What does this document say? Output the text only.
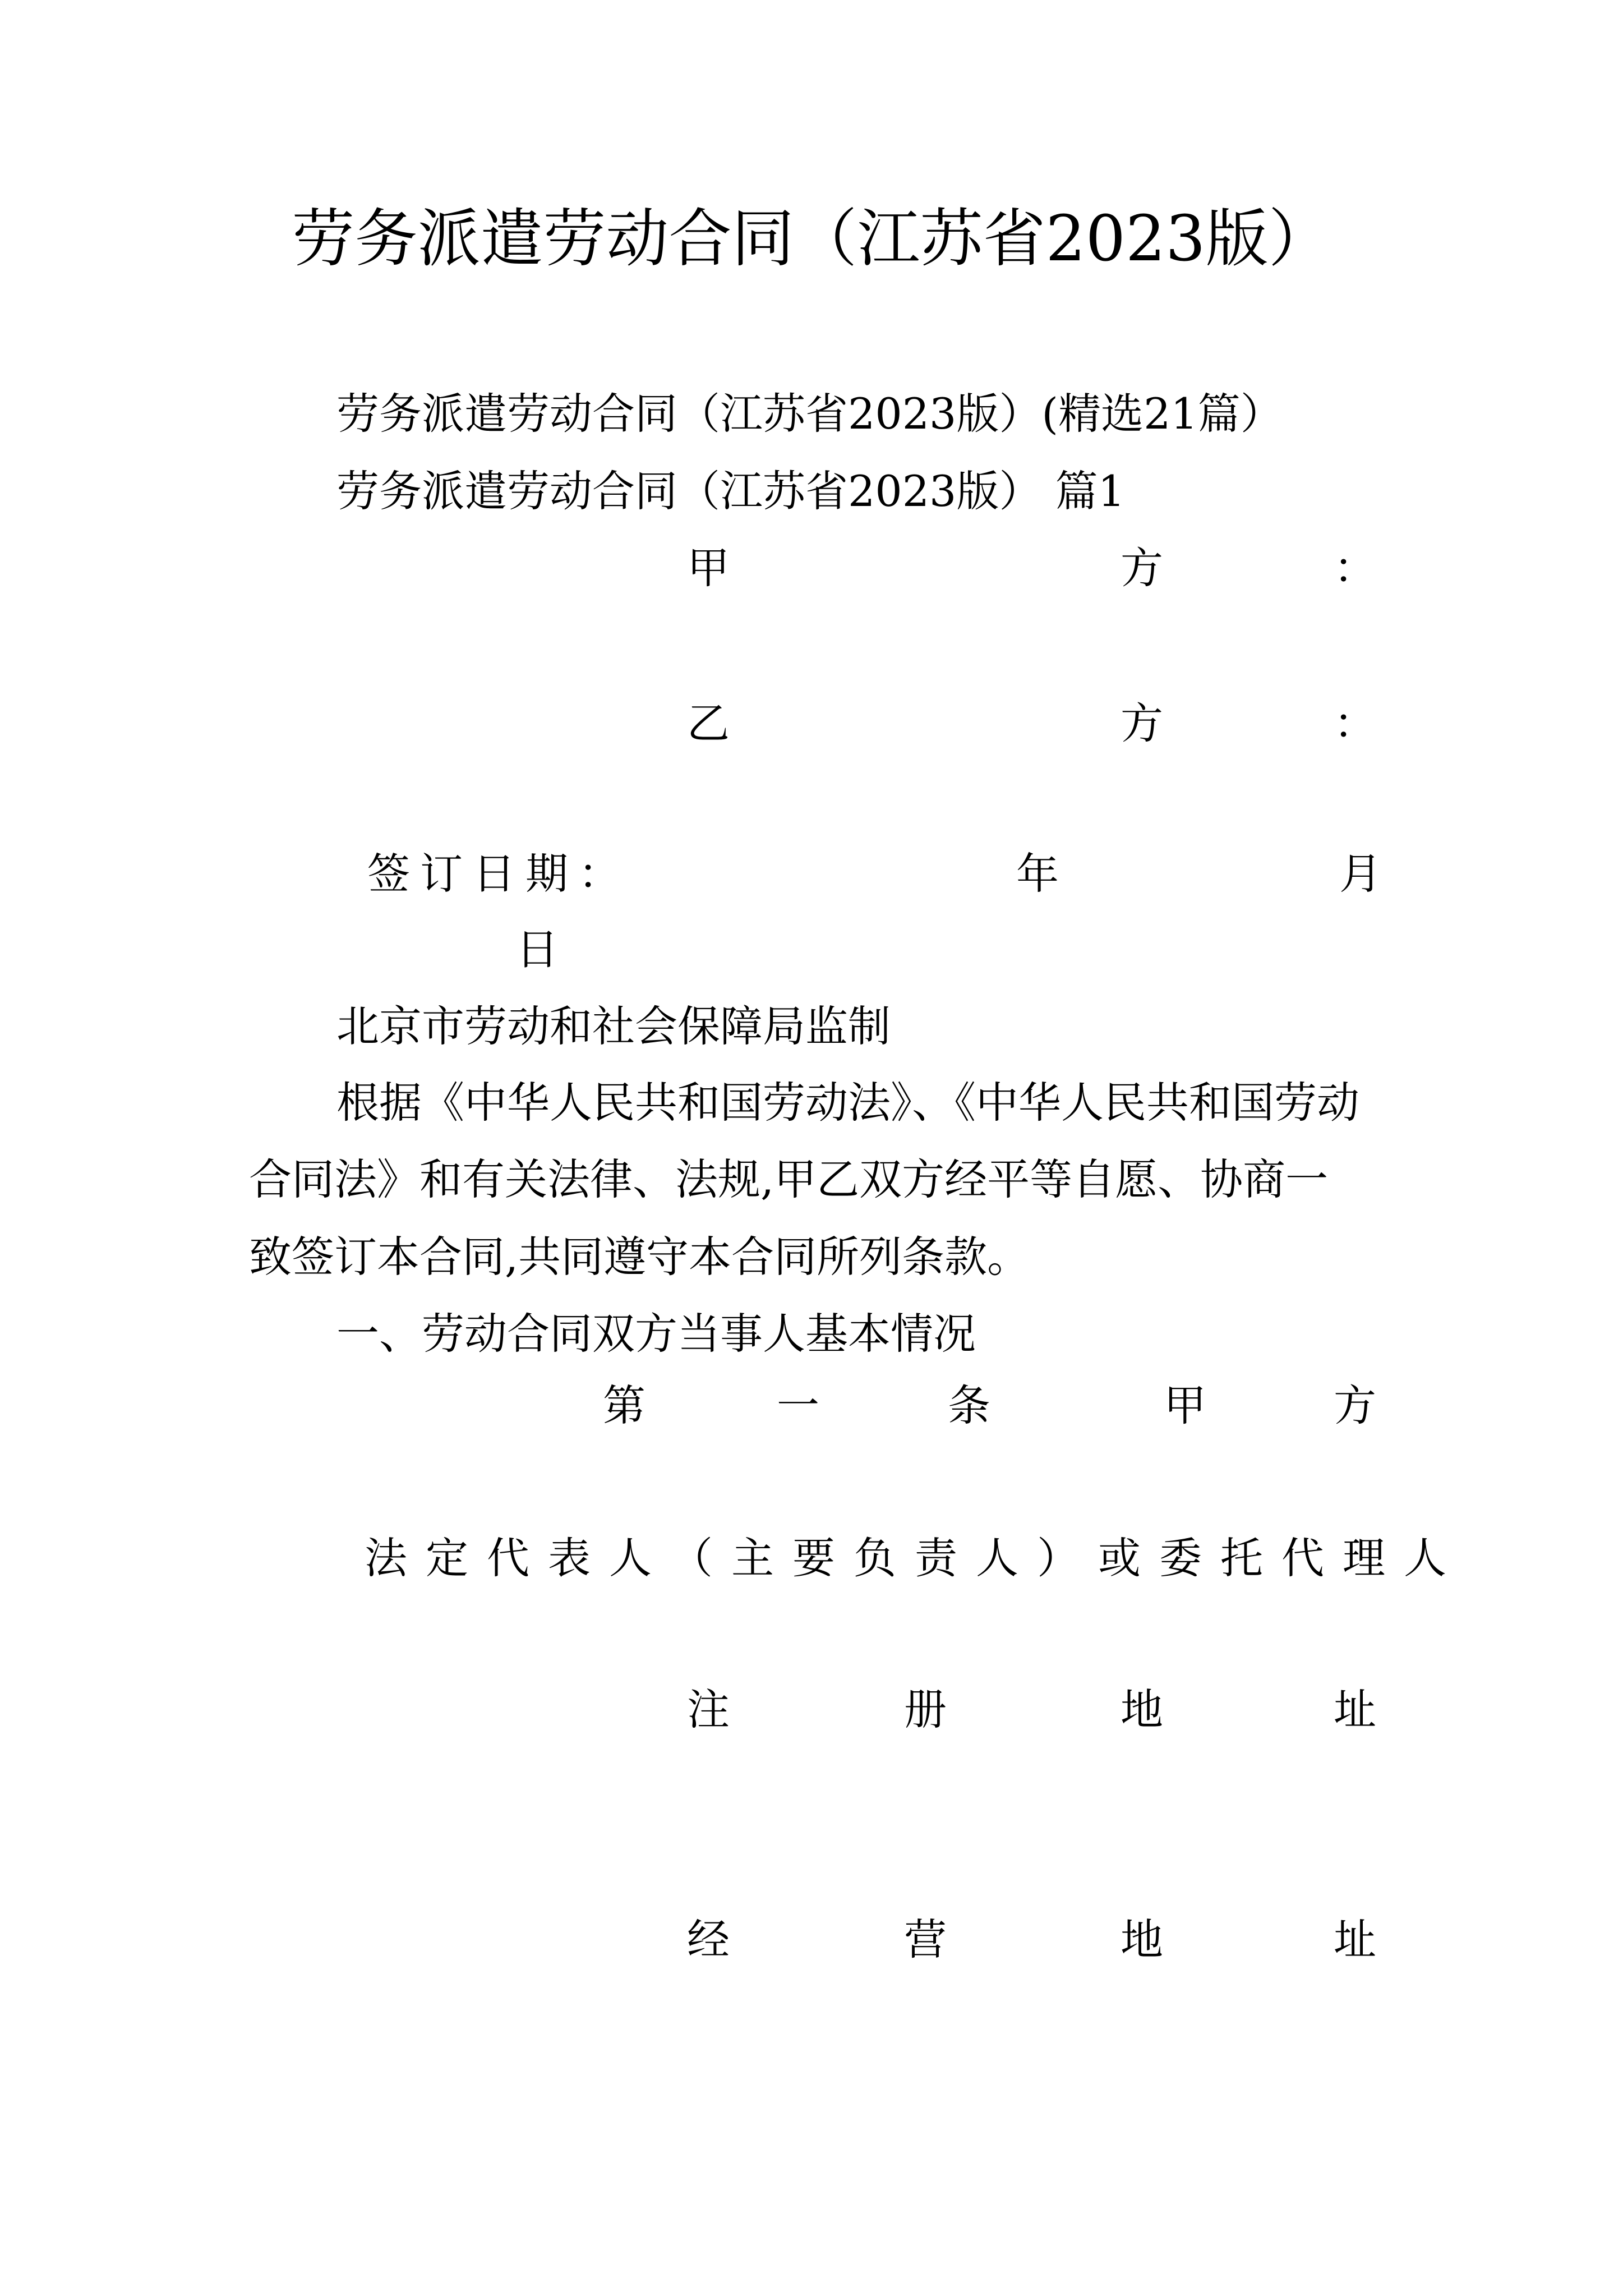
劳务派遣劳动合同（江苏省2023版）
劳务派遣劳动合同（江苏省2023版）(精选21篇）
劳务派遣劳动合同（江苏省2023版） 篇1
甲	方	：
乙	方	：
签订日期：	年	月
日
北京市劳动和社会保障局监制
根据《中华人民共和国劳动法》、《中华人民共和国劳动
合同法》和有关法律、法规,甲乙双方经平等自愿、协商一
致签订本合同,共同遵守本合同所列条款。
一、劳动合同双方当事人基本情况
第	一	条	甲	方
法定代表人（主要负责人）或委托代理人
注	册	地	址
经	营	地	址
